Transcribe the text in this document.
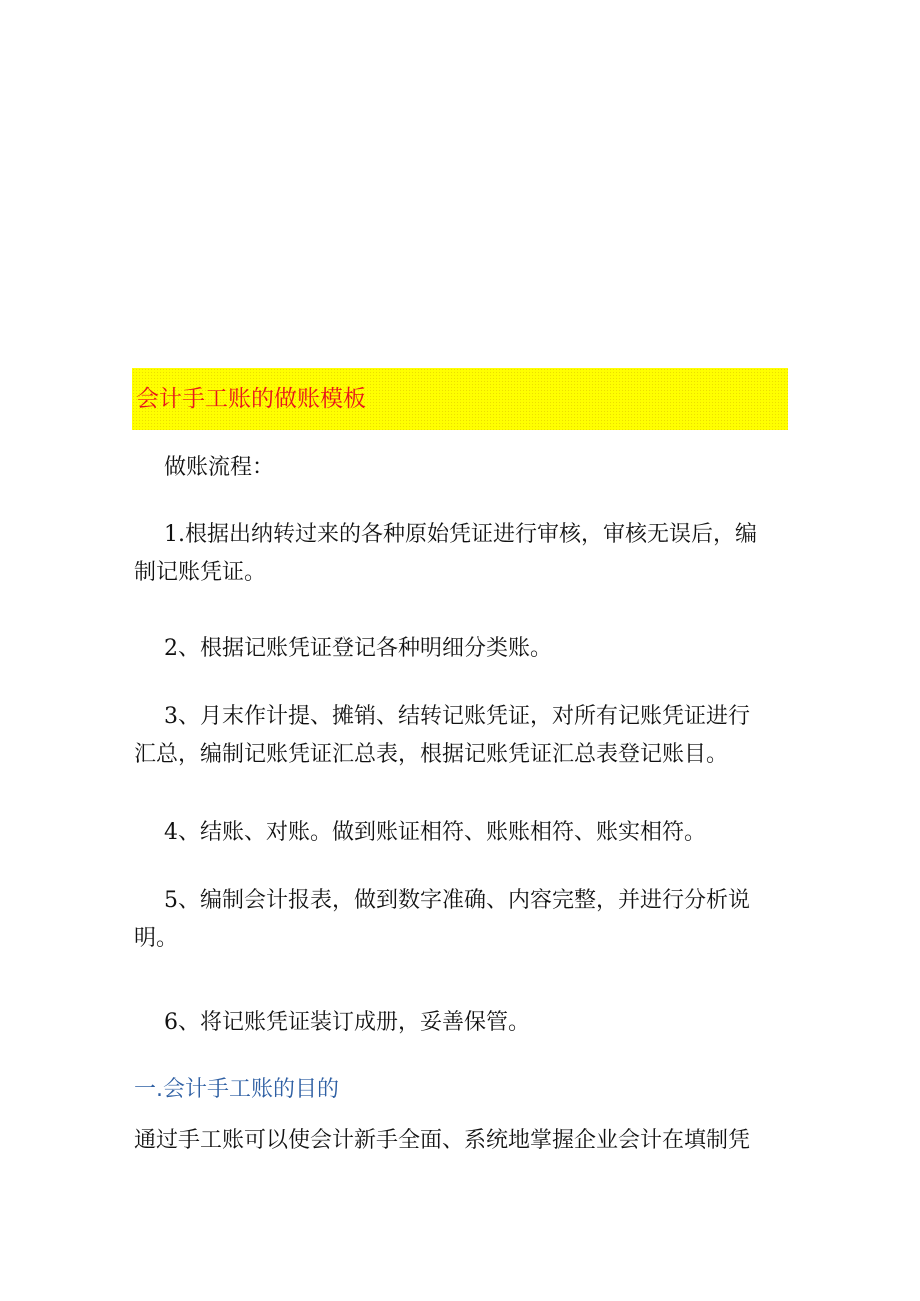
会计手工账的做账模板
做账流程：
1.根据出纳转过来的各种原始凭证进行审核，审核无误后，编
制记账凭证。
2、根据记账凭证登记各种明细分类账。
3、月末作计提、摊销、结转记账凭证，对所有记账凭证进行
汇总，编制记账凭证汇总表，根据记账凭证汇总表登记账目。
4、结账、对账。做到账证相符、账账相符、账实相符。
5、编制会计报表，做到数字准确、内容完整，并进行分析说
明。
6、将记账凭证装订成册，妥善保管。
一.会计手工账的目的
通过手工账可以使会计新手全面、系统地掌握企业会计在填制凭
